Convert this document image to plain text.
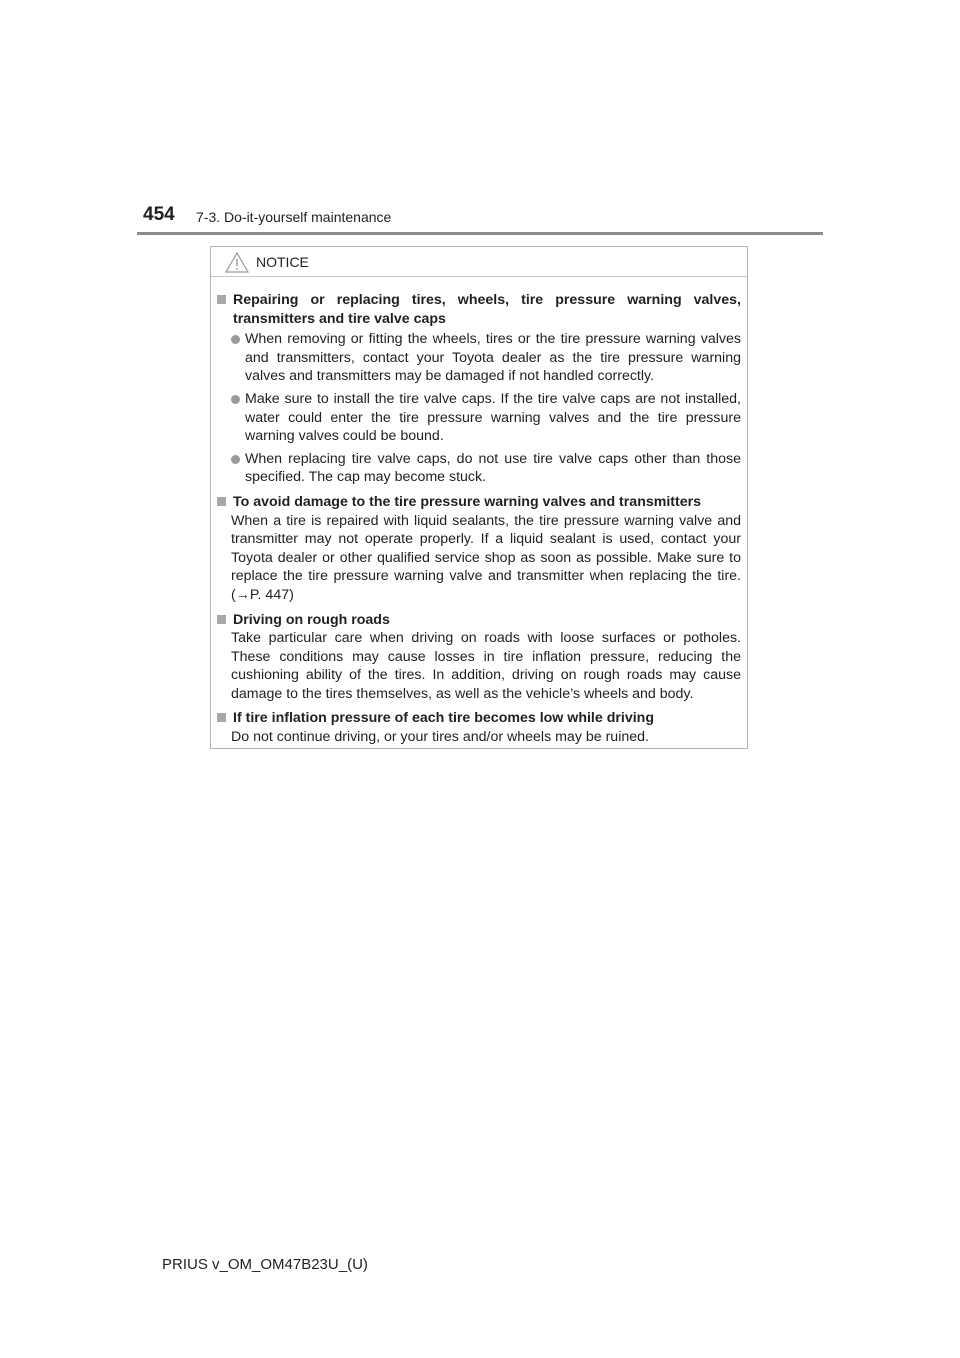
454 7-3. Do-it-yourself maintenance
NOTICE
Repairing or replacing tires, wheels, tire pressure warning valves, transmitters and tire valve caps
When removing or fitting the wheels, tires or the tire pressure warning valves and transmitters, contact your Toyota dealer as the tire pressure warning valves and transmitters may be damaged if not handled correctly.
Make sure to install the tire valve caps. If the tire valve caps are not installed, water could enter the tire pressure warning valves and the tire pressure warning valves could be bound.
When replacing tire valve caps, do not use tire valve caps other than those specified. The cap may become stuck.
To avoid damage to the tire pressure warning valves and transmitters
When a tire is repaired with liquid sealants, the tire pressure warning valve and transmitter may not operate properly. If a liquid sealant is used, contact your Toyota dealer or other qualified service shop as soon as possible. Make sure to replace the tire pressure warning valve and transmitter when replacing the tire. (→P. 447)
Driving on rough roads
Take particular care when driving on roads with loose surfaces or potholes. These conditions may cause losses in tire inflation pressure, reducing the cushioning ability of the tires. In addition, driving on rough roads may cause damage to the tires themselves, as well as the vehicle’s wheels and body.
If tire inflation pressure of each tire becomes low while driving
Do not continue driving, or your tires and/or wheels may be ruined.
PRIUS v_OM_OM47B23U_(U)
